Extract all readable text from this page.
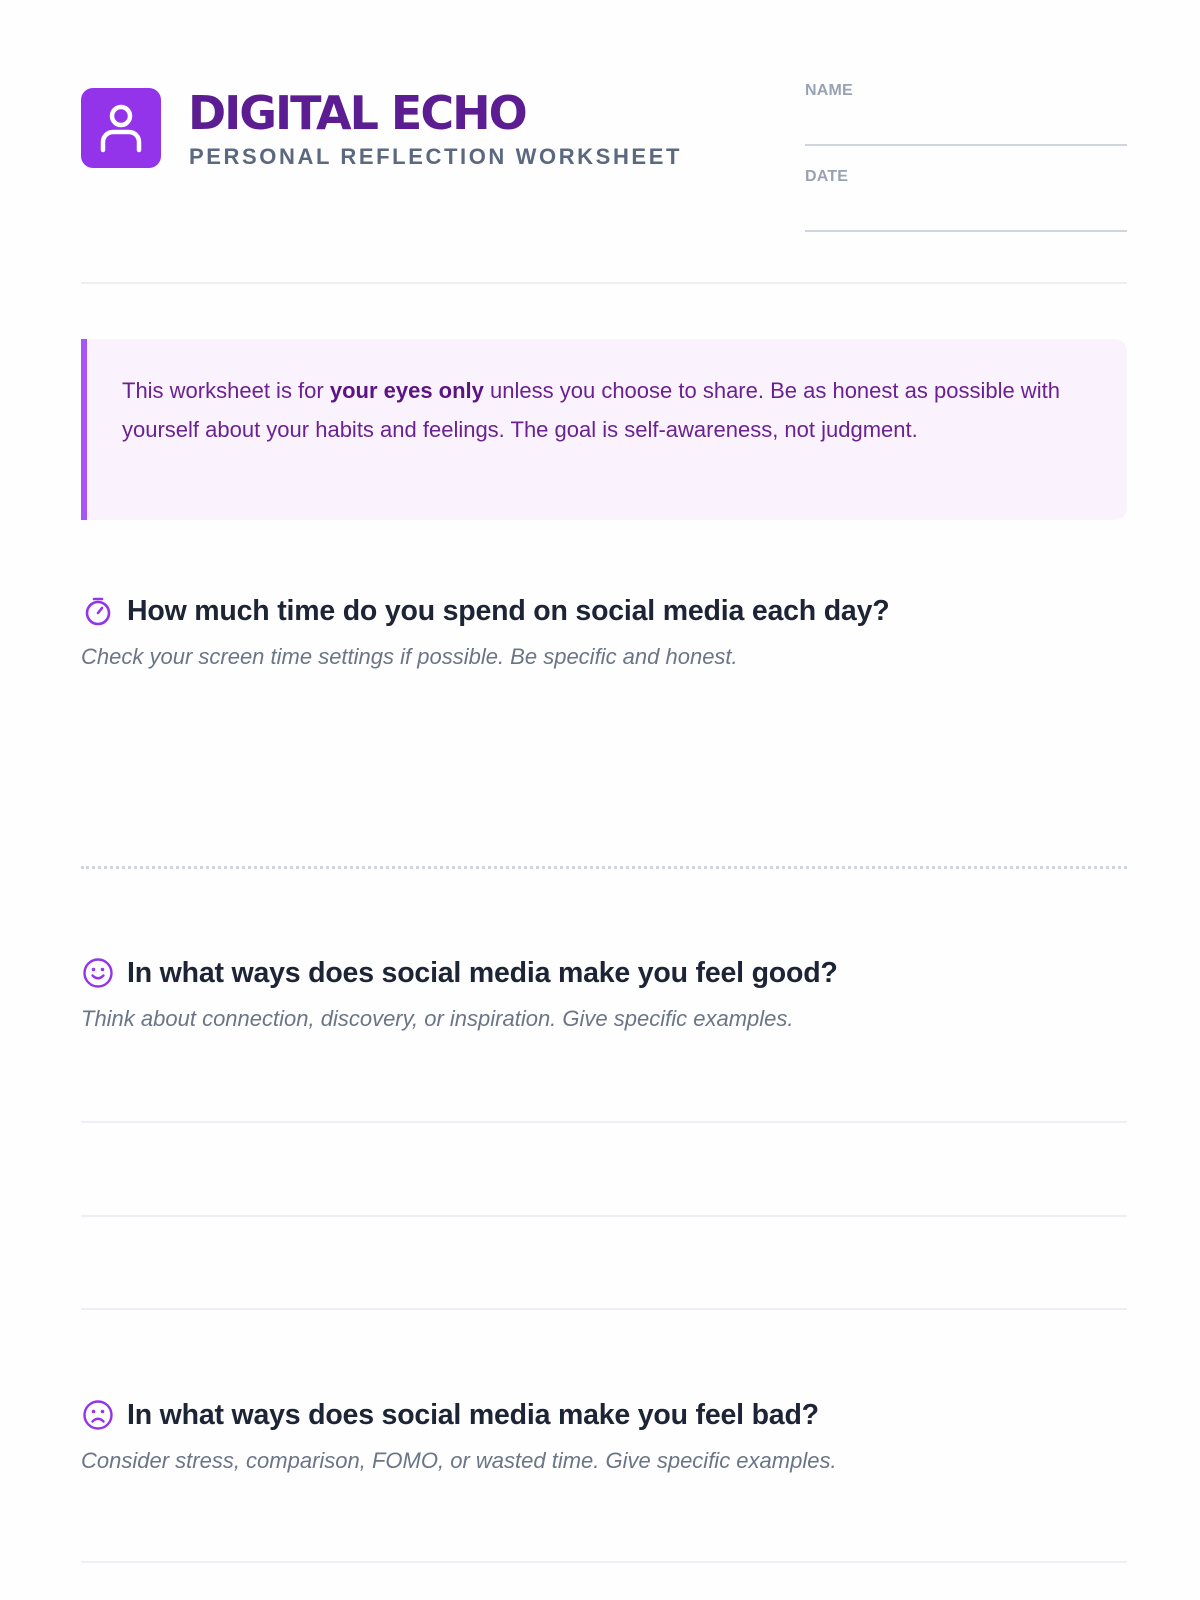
DIGITAL ECHO
PERSONAL REFLECTION WORKSHEET
NAME
DATE

This worksheet is for your eyes only unless you choose to share. Be as honest as possible with yourself about your habits and feelings. The goal is self-awareness, not judgment.

How much time do you spend on social media each day?
Check your screen time settings if possible. Be specific and honest.
In what ways does social media make you feel good?
Think about connection, discovery, or inspiration. Give specific examples.
In what ways does social media make you feel bad?
Consider stress, comparison, FOMO, or wasted time. Give specific examples.
